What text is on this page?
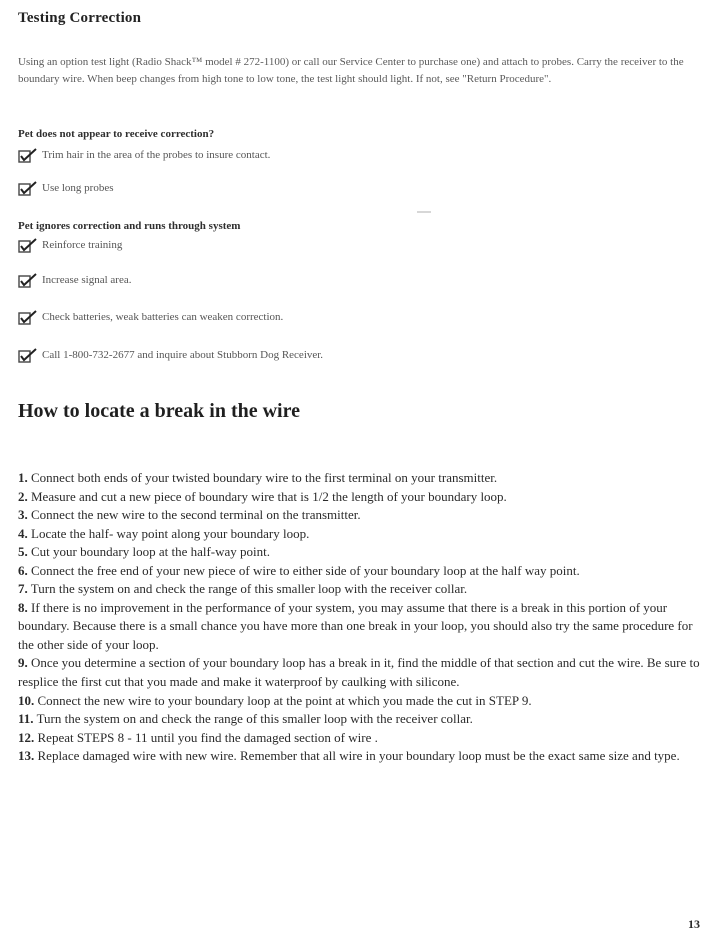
Testing Correction
Using an option test light (Radio Shack™ model # 272-1100) or call our Service Center to purchase one) and attach to probes. Carry the receiver to the boundary wire. When beep changes from high tone to low tone, the test light should light. If not, see "Return Procedure".
Pet does not appear to receive correction?
Trim hair in the area of the probes to insure contact.
Use long probes
Pet ignores correction and runs through system
Reinforce training
Increase signal area.
Check batteries, weak batteries can weaken correction.
Call 1-800-732-2677 and inquire about Stubborn Dog Receiver.
How to locate a break in the wire
1. Connect both ends of your twisted boundary wire to the first terminal on your transmitter.
2. Measure and cut a new piece of boundary wire that is 1/2 the length of your boundary loop.
3. Connect the new wire to the second terminal on the transmitter.
4. Locate the half- way point along your boundary loop.
5. Cut your boundary loop at the half-way point.
6. Connect the free end of your new piece of wire to either side of your boundary loop at the half way point.
7. Turn the system on and check the range of this smaller loop with the receiver collar.
8. If there is no improvement in the performance of your system, you may assume that there is a break in this portion of your boundary. Because there is a small chance you have more than one break in your loop, you should also try the same procedure for the other side of your loop.
9. Once you determine a section of your boundary loop has a break in it, find the middle of that section and cut the wire. Be sure to resplice the first cut that you made and make it waterproof by caulking with silicone.
10. Connect the new wire to your boundary loop at the point at which you made the cut in STEP 9.
11. Turn the system on and check the range of this smaller loop with the receiver collar.
12. Repeat STEPS 8 - 11 until you find the damaged section of wire .
13. Replace damaged wire with new wire. Remember that all wire in your boundary loop must be the exact same size and type.
13
